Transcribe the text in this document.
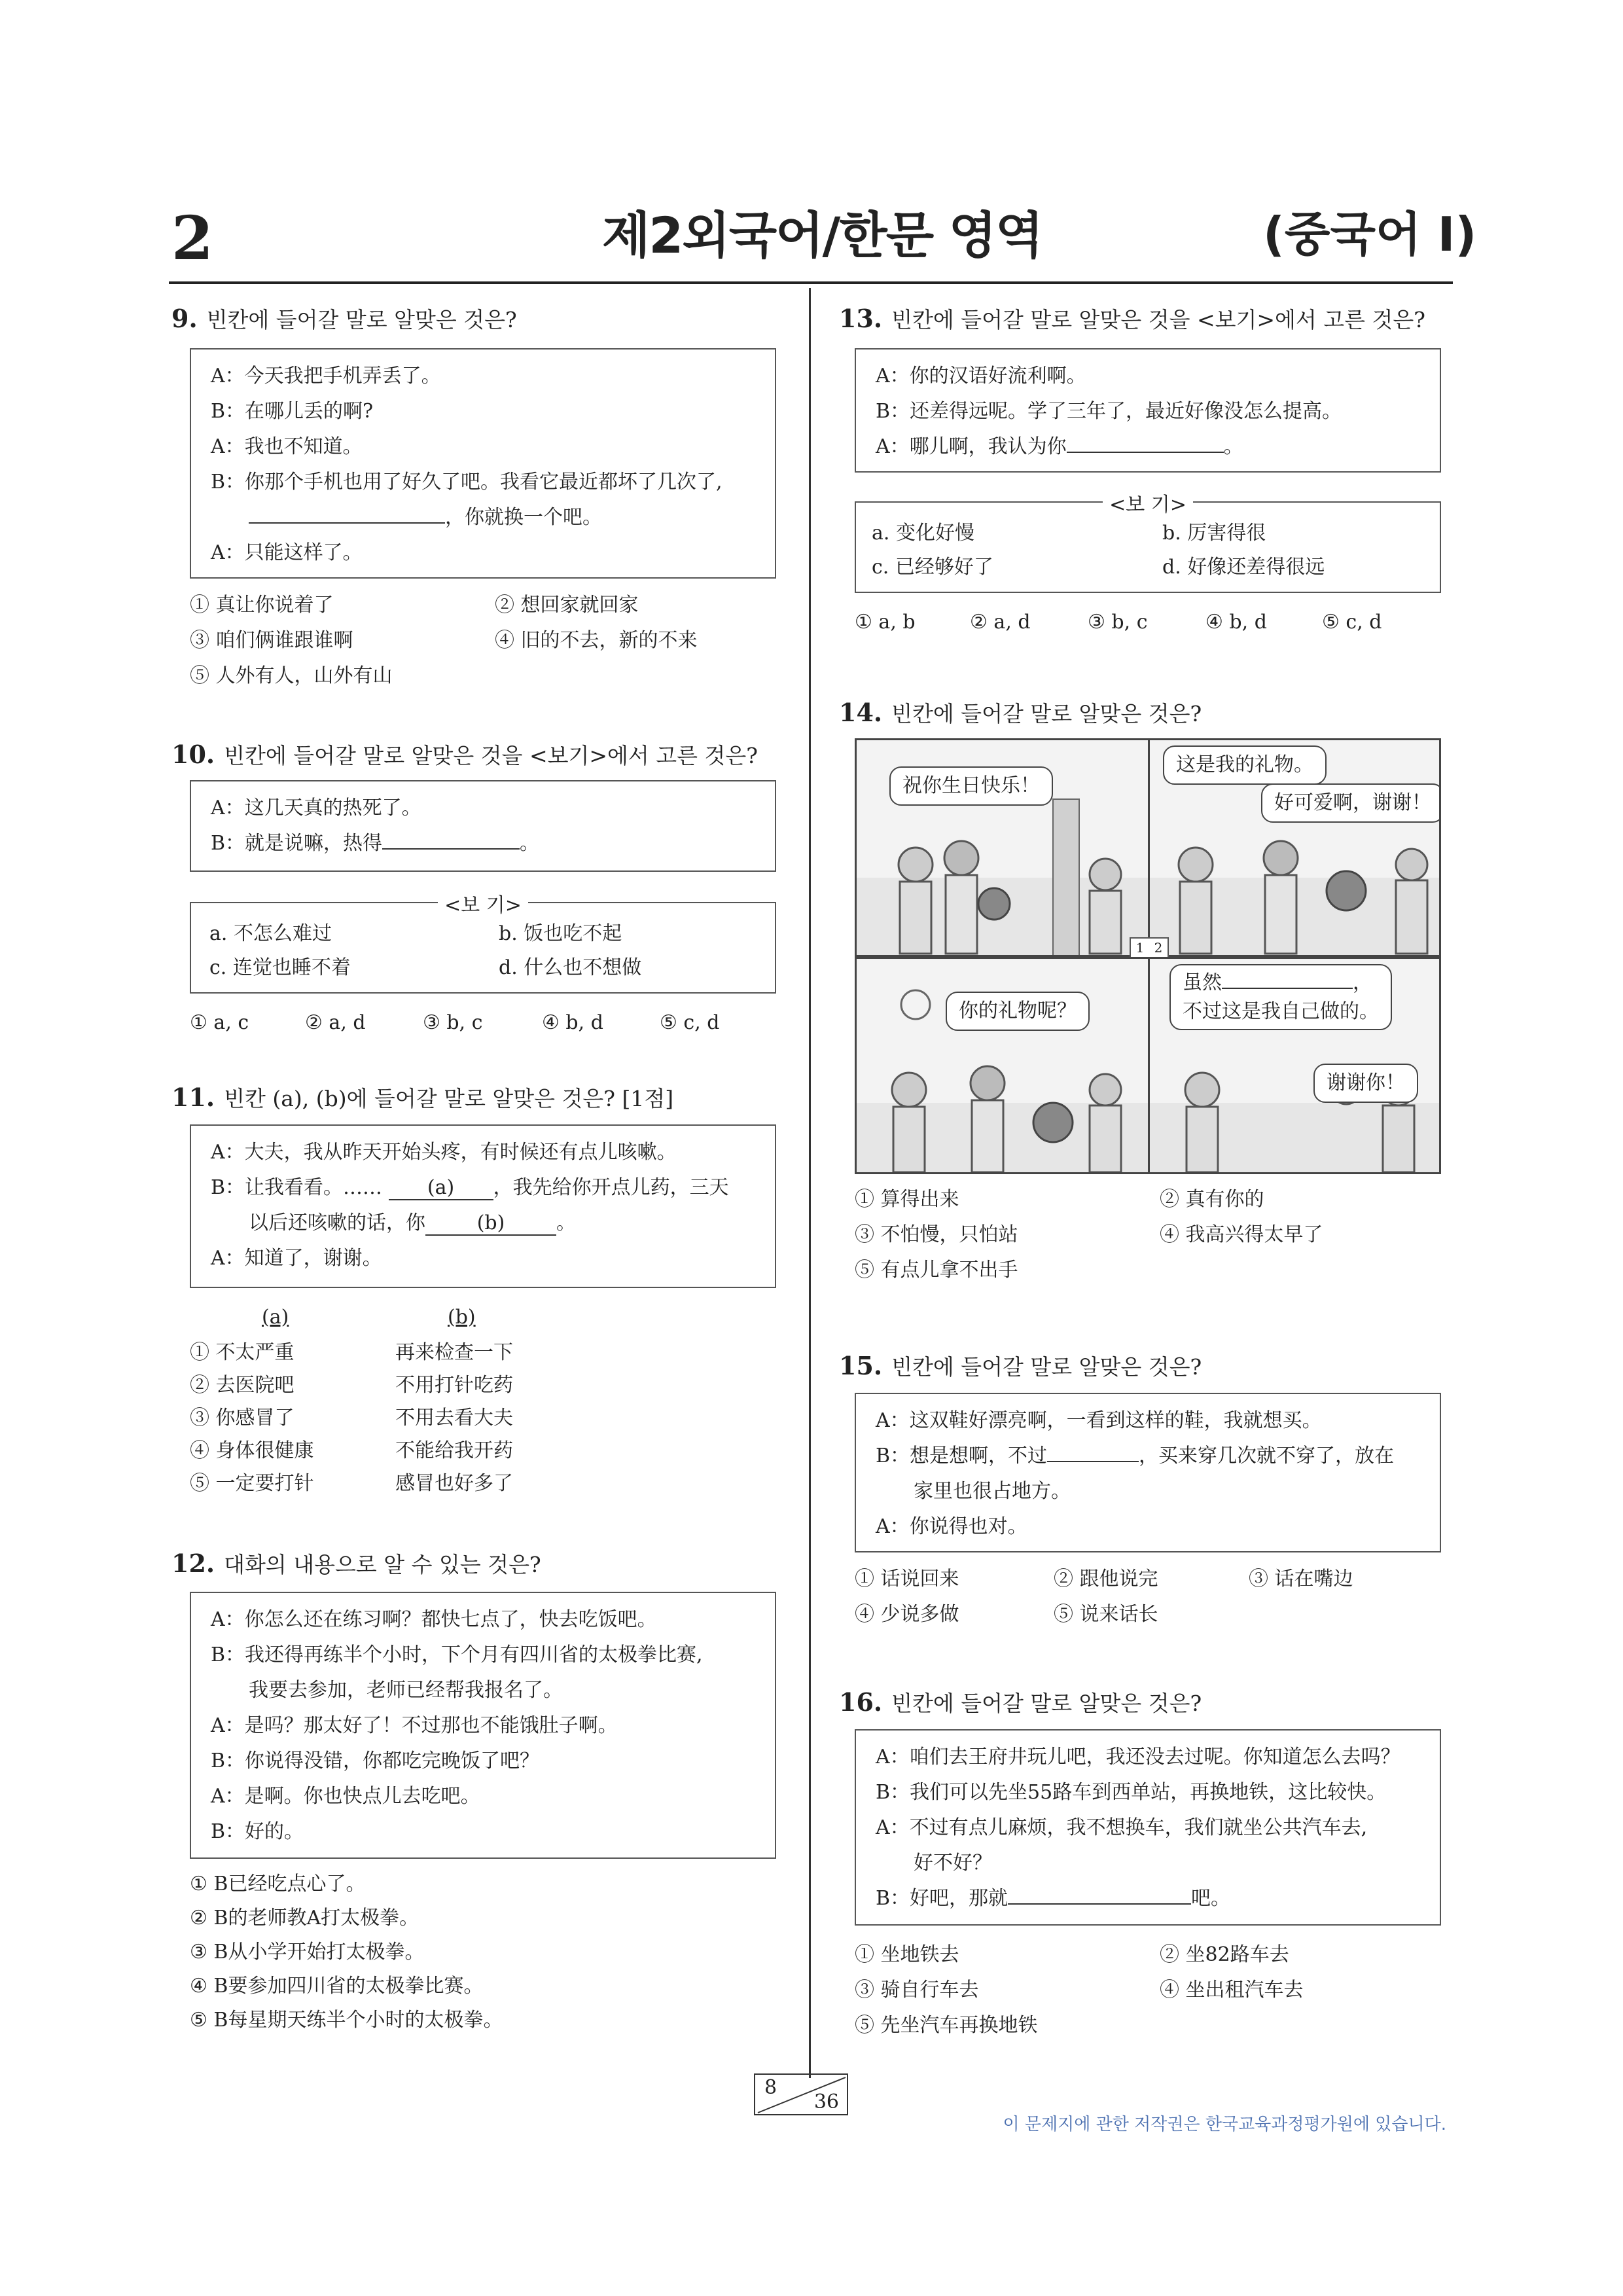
2	제2외국어/한문 영역	(중국어 I)
9. 빈칸에 들어갈 말로 알맞은 것은?
A：今天我把手机弄丢了。
B：在哪儿丢的啊?
A：我也不知道。
B：你那个手机也用了好久了吧。我看它最近都坏了几次了,
，你就换一个吧。
A：只能这样了。
① 真让你说着了	② 想回家就回家
③ 咱们俩谁跟谁啊	④ 旧的不去，新的不来
⑤ 人外有人，山外有山
10. 빈칸에 들어갈 말로 알맞은 것을 <보기>에서 고른 것은?
A：这几天真的热死了。
B：就是说嘛，热得	。
<보 기>
a. 不怎么难过	b. 饭也吃不起
c. 连觉也睡不着	d. 什么也不想做
① a, c	② a, d	③ b, c	④ b, d	⑤ c, d
11. 빈칸 (a), (b)에 들어갈 말로 알맞은 것은? [1점]
A：大夫，我从昨天开始头疼，有时候还有点儿咳嗽。
B：让我看看。…… (a) ，我先给你开点儿药，三天
以后还咳嗽的话，你	(b)	。
A：知道了，谢谢。
(a)	(b)
① 不太严重	再来检查一下
② 去医院吧	不用打针吃药
③ 你感冒了	不用去看大夫
④ 身体很健康	不能给我开药
⑤ 一定要打针	感冒也好多了
12. 대화의 내용으로 알 수 있는 것은?
A：你怎么还在练习啊？都快七点了，快去吃饭吧。
B：我还得再练半个小时，下个月有四川省的太极拳比赛,
我要去参加，老师已经帮我报名了。
A：是吗？那太好了！不过那也不能饿肚子啊。
B：你说得没错，你都吃完晚饭了吧？
A：是啊。你也快点儿去吃吧。
B：好的。
① B已经吃点心了。
② B的老师教A打太极拳。
③ B从小学开始打太极拳。
④ B要参加四川省的太极拳比赛。
⑤ B每星期天练半个小时的太极拳。
13. 빈칸에 들어갈 말로 알맞은 것을 <보기>에서 고른 것은?
A：你的汉语好流利啊。
B：还差得远呢。学了三年了，最近好像没怎么提高。
A：哪儿啊，我认为你	。
<보 기>
a. 变化好慢	b. 厉害得很
c. 已经够好了	d. 好像还差得很远
① a, b	② a, d	③ b, c	④ b, d	⑤ c, d
14. 빈칸에 들어갈 말로 알맞은 것은?
祝你生日快乐！
这是我的礼物。
好可爱啊，谢谢！
1 2
你的礼物呢？
虽然	，
不过这是我自己做的。
谢谢你！
① 算得出来	② 真有你的
③ 不怕慢，只怕站	④ 我高兴得太早了
⑤ 有点儿拿不出手
15. 빈칸에 들어갈 말로 알맞은 것은?
A：这双鞋好漂亮啊，一看到这样的鞋，我就想买。
B：想是想啊，不过	，买来穿几次就不穿了，放在
家里也很占地方。
A：你说得也对。
① 话说回来	② 跟他说完	③ 话在嘴边
④ 少说多做	⑤ 说来话长
16. 빈칸에 들어갈 말로 알맞은 것은?
A：咱们去王府井玩儿吧，我还没去过呢。你知道怎么去吗？
B：我们可以先坐55路车到西单站，再换地铁，这比较快。
A：不过有点儿麻烦，我不想换车，我们就坐公共汽车去,
好不好？
B：好吧，那就	吧。
① 坐地铁去	② 坐82路车去
③ 骑自行车去	④ 坐出租汽车去
⑤ 先坐汽车再换地铁
8
36
이 문제지에 관한 저작권은 한국교육과정평가원에 있습니다.
